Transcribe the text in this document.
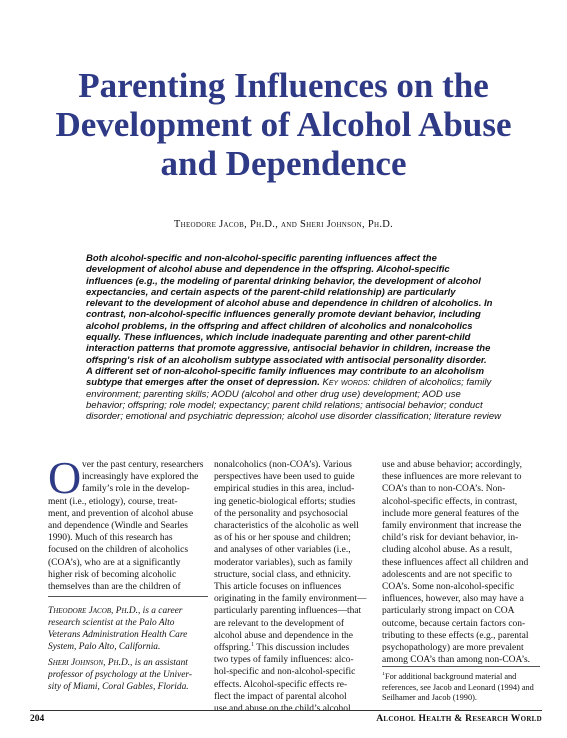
Parenting Influences on the
Development of Alcohol Abuse
and Dependence
Theodore Jacob, Ph.D., and Sheri Johnson, Ph.D.
Both alcohol-specific and non-alcohol-specific parenting influences affect the
development of alcohol abuse and dependence in the offspring. Alcohol-specific
influences (e.g., the modeling of parental drinking behavior, the development of alcohol
expectancies, and certain aspects of the parent-child relationship) are particularly
relevant to the development of alcohol abuse and dependence in children of alcoholics. In
contrast, non-alcohol-specific influences generally promote deviant behavior, including
alcohol problems, in the offspring and affect children of alcoholics and nonalcoholics
equally. These influences, which include inadequate parenting and other parent-child
interaction patterns that promote aggressive, antisocial behavior in children, increase the
offspring's risk of an alcoholism subtype associated with antisocial personality disorder.
A different set of non-alcohol-specific family influences may contribute to an alcoholism
subtype that emerges after the onset of depression. Key words: children of alcoholics; family
environment; parenting skills; AODU (alcohol and other drug use) development; AOD use
behavior; offspring; role model; expectancy; parent child relations; antisocial behavior; conduct
disorder; emotional and psychiatric depression; alcohol use disorder classification; literature review
O ver the past century, researchers
increasingly have explored the
family’s role in the develop-
ment (i.e., etiology), course, treat-
ment, and prevention of alcohol abuse
and dependence (Windle and Searles
1990). Much of this research has
focused on the children of alcoholics
(COA’s), who are at a significantly
higher risk of becoming alcoholic
themselves than are the children of
Theodore Jacob, Ph.D., is a career
research scientist at the Palo Alto
Veterans Administration Health Care
System, Palo Alto, California.
Sheri Johnson, Ph.D., is an assistant
professor of psychology at the Univer-
sity of Miami, Coral Gables, Florida.
nonalcoholics (non-COA’s). Various
perspectives have been used to guide
empirical studies in this area, includ-
ing genetic-biological efforts; studies
of the personality and psychosocial
characteristics of the alcoholic as well
as of his or her spouse and children;
and analyses of other variables (i.e.,
moderator variables), such as family
structure, social class, and ethnicity.
This article focuses on influences
originating in the family environment—
particularly parenting influences—that
are relevant to the development of
alcohol abuse and dependence in the
offspring.$^1$ This discussion includes
two types of family influences: alco-
hol-specific and non-alcohol-specific
effects. Alcohol-specific effects re-
flect the impact of parental alcohol
use and abuse behavior; accordingly,
these influences are more relevant to
COA’s than to non-COA’s. Non-
alcohol-specific effects, in contrast,
include more general features of the
family environment that increase the
child’s risk for deviant behavior, in-
cluding alcohol abuse. As a result,
these influences affect all children and
adolescents and are not specific to
COA’s. Some non-alcohol-specific
influences, however, also may have a
particularly strong impact on COA
outcome, because certain factors con-
tributing to these effects (e.g., parental
psychopathology) are more prevalent
among COA’s than among non-COA’s.
$^1$For additional background material and
references, see Jacob and Leonard (1994) and
Seilhamer and Jacob (1990).
204	Alcohol Health & Research World
